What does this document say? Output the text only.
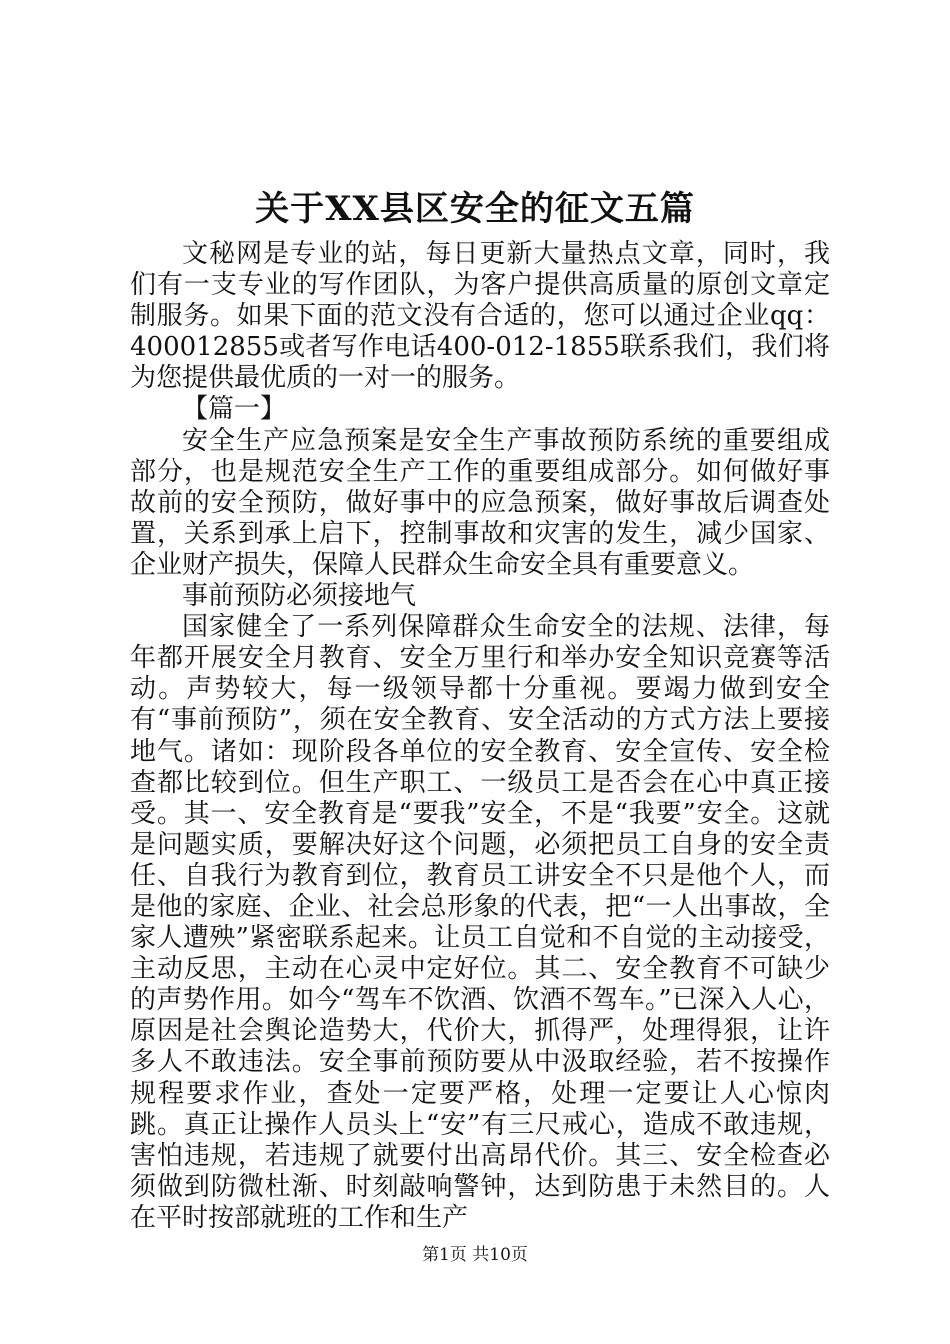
关于XX县区安全的征文五篇

文秘网是专业的站，每日更新大量热点文章，同时，我们有一支专业的写作团队，为客户提供高质量的原创文章定制服务。如果下面的范文没有合适的，您可以通过企业qq：400012855或者写作电话400-012-1855联系我们，我们将为您提供最优质的一对一的服务。

【篇一】

安全生产应急预案是安全生产事故预防系统的重要组成部分，也是规范安全生产工作的重要组成部分。如何做好事故前的安全预防，做好事中的应急预案，做好事故后调查处置，关系到承上启下，控制事故和灾害的发生，减少国家、企业财产损失，保障人民群众生命安全具有重要意义。

事前预防必须接地气

国家健全了一系列保障群众生命安全的法规、法律，每年都开展安全月教育、安全万里行和举办安全知识竞赛等活动。声势较大，每一级领导都十分重视。要竭力做到安全有“事前预防”，须在安全教育、安全活动的方式方法上要接地气。诸如：现阶段各单位的安全教育、安全宣传、安全检查都比较到位。但生产职工、一级员工是否会在心中真正接受。其一、安全教育是“要我”安全，不是“我要”安全。这就是问题实质，要解决好这个问题，必须把员工自身的安全责任、自我行为教育到位，教育员工讲安全不只是他个人，而是他的家庭、企业、社会总形象的代表，把“一人出事故，全家人遭殃”紧密联系起来。让员工自觉和不自觉的主动接受，主动反思，主动在心灵中定好位。其二、安全教育不可缺少的声势作用。如今“驾车不饮酒、饮酒不驾车。”已深入人心，原因是社会舆论造势大，代价大，抓得严，处理得狠，让许多人不敢违法。安全事前预防要从中汲取经验，若不按操作规程要求作业，查处一定要严格，处理一定要让人心惊肉跳。真正让操作人员头上“安”有三尺戒心，造成不敢违规，害怕违规，若违规了就要付出高昂代价。其三、安全检查必须做到防微杜渐、时刻敲响警钟，达到防患于未然目的。人在平时按部就班的工作和生产

第1页 共10页
